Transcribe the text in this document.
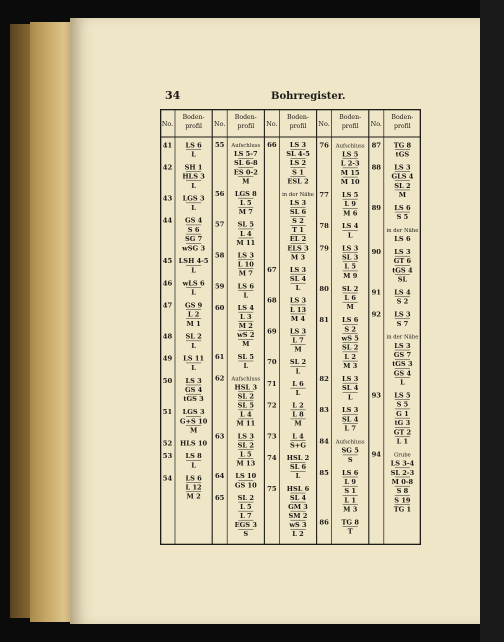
34	Bohrregister.
No.
Boden-
profil
41 LS 6
L
42 SH 1
HLS 3
L
43 LGS 3
L
44 GS 4
S 6
SG 7
wSG 3
45 LSH 4-5
L
46 wLS 6
L
47 GS 9
L 2
M 1
48 SL 2
L
49 LS 11
L
50 LS 3
GS 4
tGS 3
51 LGS 3
G+S 10
M
52 HLS 10
53 LS 8
L
54 LS 6
L 12
M 2
No.
Boden-
profil
55 Aufschluss
LS 5-7
SL 6-8
ES 0-2
M
56 LGS 8
L 5
M 7
57 SL 5
L 4
M 11
58 LS 3
L 10
M 7
59 LS 6
L
60 LS 4
L 3
M 2
wS 2
M
61 SL 5
L
62 Aufschluss
HSL 3
SL 2
SL 5
L 4
M 11
63 LS 3
SL 2
L 5
M 13
64 LS 10
GS 10
65 SL 2
L 5
L 7
EGS 3
S
No.
Boden-
profil
66 LS 3
SL 4-5
LS 2
S 1
ESL 2
in der Nähe
LS 3
SL 6
S 2
T 1
EL 2
ELS 3
M 3
67 LS 3
SL 4
L
68 LS 3
L 13
M 4
69 LS 3
L 7
M
70 SL 2
L
71 L 6
L
72 L 2
L 8
M
73 L 4
S+G
74 HSL 2
SL 6
L
75 HSL 6
SL 4
GM 3
SM 2
wS 3
L 2
No.
Boden-
profil
76 Aufschluss
LS 5
L 2-3
M 15
M 10
77 LS 5
L 9
M 6
78 LS 4
L
79 LS 3
SL 3
L 5
M 9
80 SL 2
L 6
M
81 LS 6
S 2
wS 5
SL 2
L 2
M 3
82 LS 3
SL 4
L
83 LS 3
SL 4
L 7
84 Aufschluss
SG 5
S
85 LS 6
L 9
S 1
L 1
M 3
86 TG 8
T
No.
Boden-
profil
87 TG 8
tGS
88 LS 3
GLS 4
SL 2
M
89 LS 6
S 5
in der Nähe
LS 6
90 LS 3
GT 6
tGS 4
SL
91 LS 4
S 2
92 LS 3
S 7
in der Nähe
LS 3
GS 7
tGS 3
GS 4
L
93 LS 5
S 5
G 1
tG 3
GT 2
L 1
94 Grube
LS 3-4
SL 2-3
M 0-8
S 8
S 19
TG 1
